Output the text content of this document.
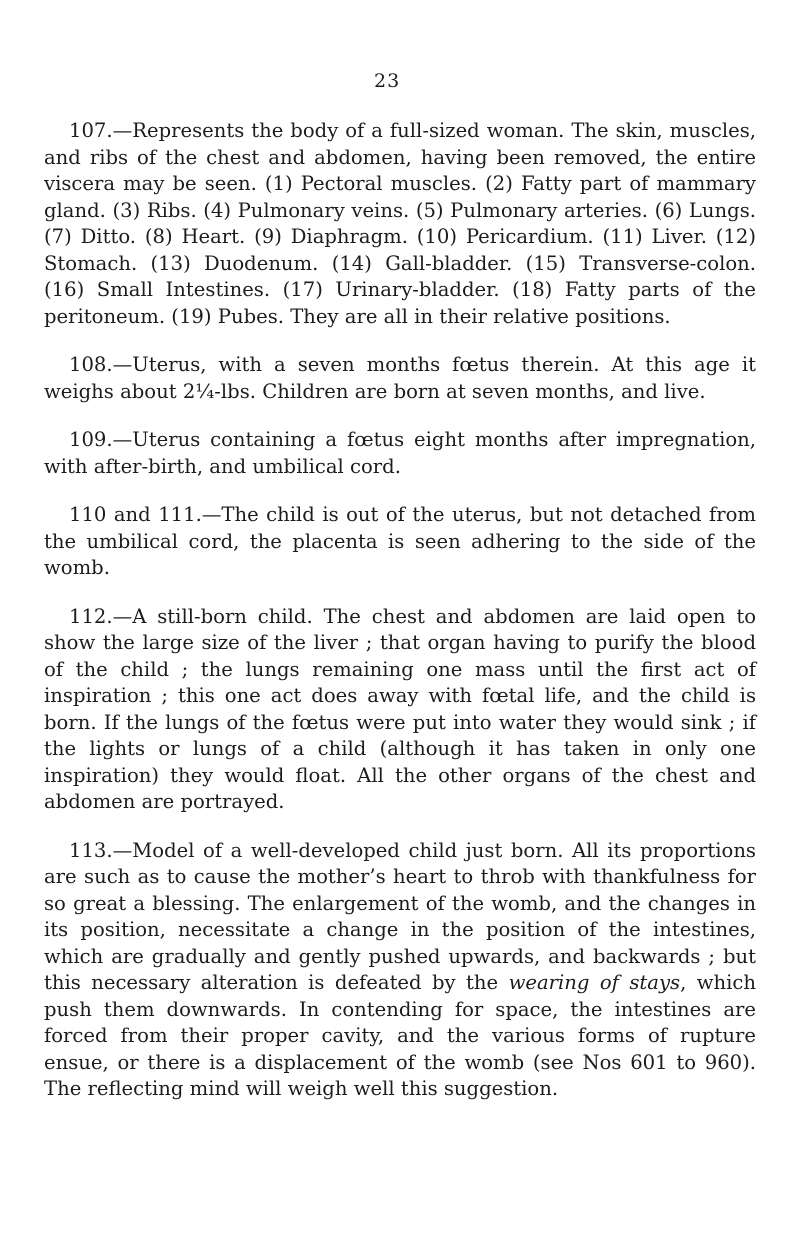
23

107.—Represents the body of a full-sized woman. The skin, muscles, and ribs of the chest and abdomen, having been removed, the entire viscera may be seen. (1) Pectoral muscles. (2) Fatty part of mammary gland. (3) Ribs. (4) Pulmonary veins. (5) Pulmonary arteries. (6) Lungs. (7) Ditto. (8) Heart. (9) Diaphragm. (10) Pericardium. (11) Liver. (12) Stomach. (13) Duodenum. (14) Gall-bladder. (15) Transverse-colon. (16) Small Intestines. (17) Urinary-bladder. (18) Fatty parts of the peritoneum. (19) Pubes. They are all in their relative positions.

108.—Uterus, with a seven months fœtus therein. At this age it weighs about 2¼-lbs. Children are born at seven months, and live.

109.—Uterus containing a fœtus eight months after impregnation, with after-birth, and umbilical cord.

110 and 111.—The child is out of the uterus, but not detached from the umbilical cord, the placenta is seen adhering to the side of the womb.

112.—A still-born child. The chest and abdomen are laid open to show the large size of the liver ; that organ having to purify the blood of the child ; the lungs remaining one mass until the first act of inspiration ; this one act does away with fœtal life, and the child is born. If the lungs of the fœtus were put into water they would sink ; if the lights or lungs of a child (although it has taken in only one inspiration) they would float. All the other organs of the chest and abdomen are portrayed.

113.—Model of a well-developed child just born. All its proportions are such as to cause the mother’s heart to throb with thankfulness for so great a blessing. The enlargement of the womb, and the changes in its position, necessitate a change in the position of the intestines, which are gradually and gently pushed upwards, and backwards ; but this necessary alteration is defeated by the wearing of stays, which push them downwards. In contending for space, the intestines are forced from their proper cavity, and the various forms of rupture ensue, or there is a displacement of the womb (see Nos 601 to 960). The reflecting mind will weigh well this suggestion.
